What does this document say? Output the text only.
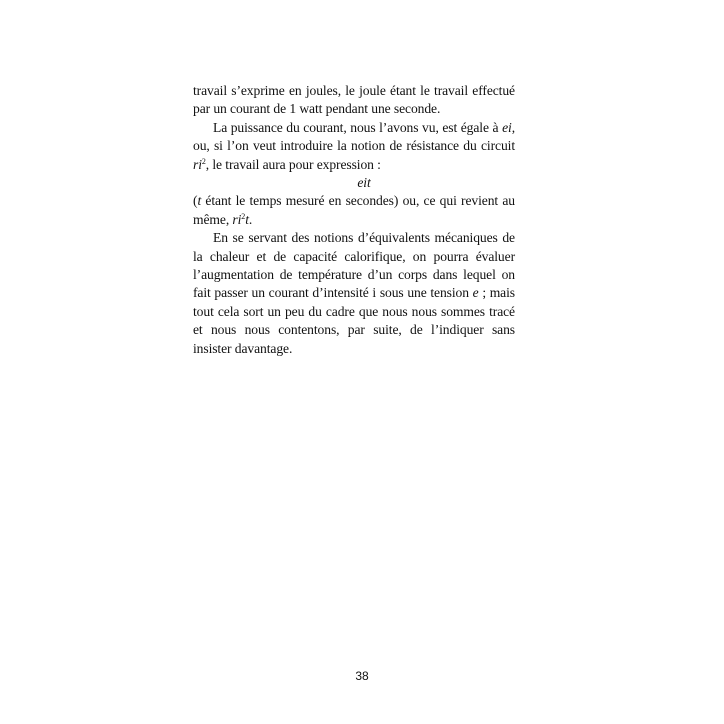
travail s’exprime en joules, le joule étant le travail effectué par un courant de 1 watt pendant une seconde.

La puissance du courant, nous l’avons vu, est égale à ei, ou, si l’on veut introduire la notion de résistance du circuit $ri^2$, le travail aura pour expression :

eit

(t étant le temps mesuré en secondes) ou, ce qui revient au même, $ri^2t$.

En se servant des notions d’équivalents mécaniques de la chaleur et de capacité calorifique, on pourra évaluer l’augmentation de température d’un corps dans lequel on fait passer un courant d’intensité i sous une tension e ; mais tout cela sort un peu du cadre que nous nous sommes tracé et nous nous contentons, par suite, de l’indiquer sans insister davantage.

38
